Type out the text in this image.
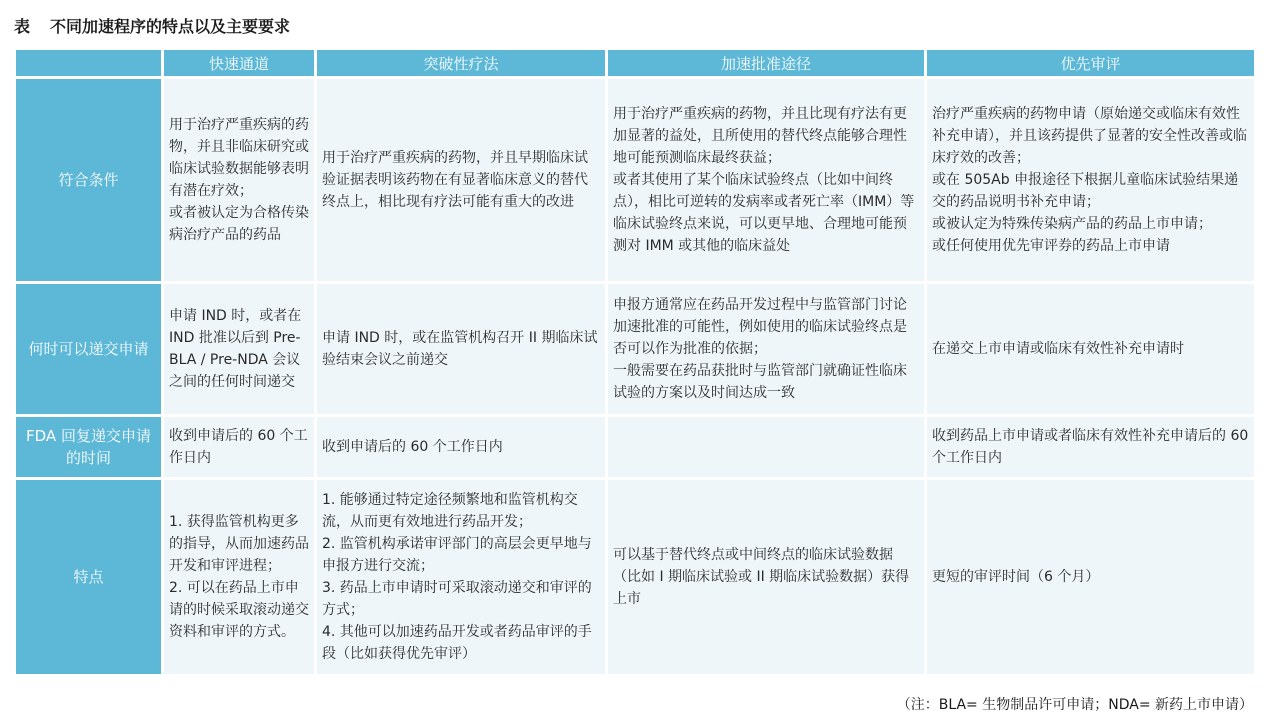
表 不同加速程序的特点以及主要要求
	快速通道	突破性疗法	加速批准途径	优先审评
符合条件	用于治疗严重疾病的药物，并且非临床研究或临床试验数据能够表明有潜在疗效；
或者被认定为合格传染病治疗产品的药品	用于治疗严重疾病的药物，并且早期临床试验证据表明该药物在有显著临床意义的替代终点上，相比现有疗法可能有重大的改进	用于治疗严重疾病的药物，并且比现有疗法有更加显著的益处，且所使用的替代终点能够合理性地可能预测临床最终获益；
或者其使用了某个临床试验终点（比如中间终点），相比可逆转的发病率或者死亡率（IMM）等临床试验终点来说，可以更早地、合理地可能预测对 IMM 或其他的临床益处	治疗严重疾病的药物申请（原始递交或临床有效性补充申请），并且该药提供了显著的安全性改善或临床疗效的改善；
或在 505Ab 申报途径下根据儿童临床试验结果递交的药品说明书补充申请；
或被认定为特殊传染病产品的药品上市申请；
或任何使用优先审评券的药品上市申请

何时可以递交申请	申请 IND 时，或者在 IND 批准以后到 Pre-BLA / Pre-NDA 会议之间的任何时间递交	申请 IND 时，或在监管机构召开 II 期临床试验结束会议之前递交	申报方通常应在药品开发过程中与监管部门讨论加速批准的可能性，例如使用的临床试验终点是否可以作为批准的依据；
一般需要在药品获批时与监管部门就确证性临床试验的方案以及时间达成一致	在递交上市申请或临床有效性补充申请时

FDA 回复递交申请的时间	收到申请后的 60 个工作日内	收到申请后的 60 个工作日内		收到药品上市申请或者临床有效性补充申请后的 60 个工作日内

特点	1. 获得监管机构更多的指导，从而加速药品开发和审评进程；
2. 可以在药品上市申请的时候采取滚动递交资料和审评的方式。	1. 能够通过特定途径频繁地和监管机构交流，从而更有效地进行药品开发；
2. 监管机构承诺审评部门的高层会更早地与申报方进行交流；
3. 药品上市申请时可采取滚动递交和审评的方式；
4. 其他可以加速药品开发或者药品审评的手段（比如获得优先审评）	可以基于替代终点或中间终点的临床试验数据（比如 I 期临床试验或 II 期临床试验数据）获得上市	更短的审评时间（6 个月）
（注：BLA= 生物制品许可申请；NDA= 新药上市申请）
